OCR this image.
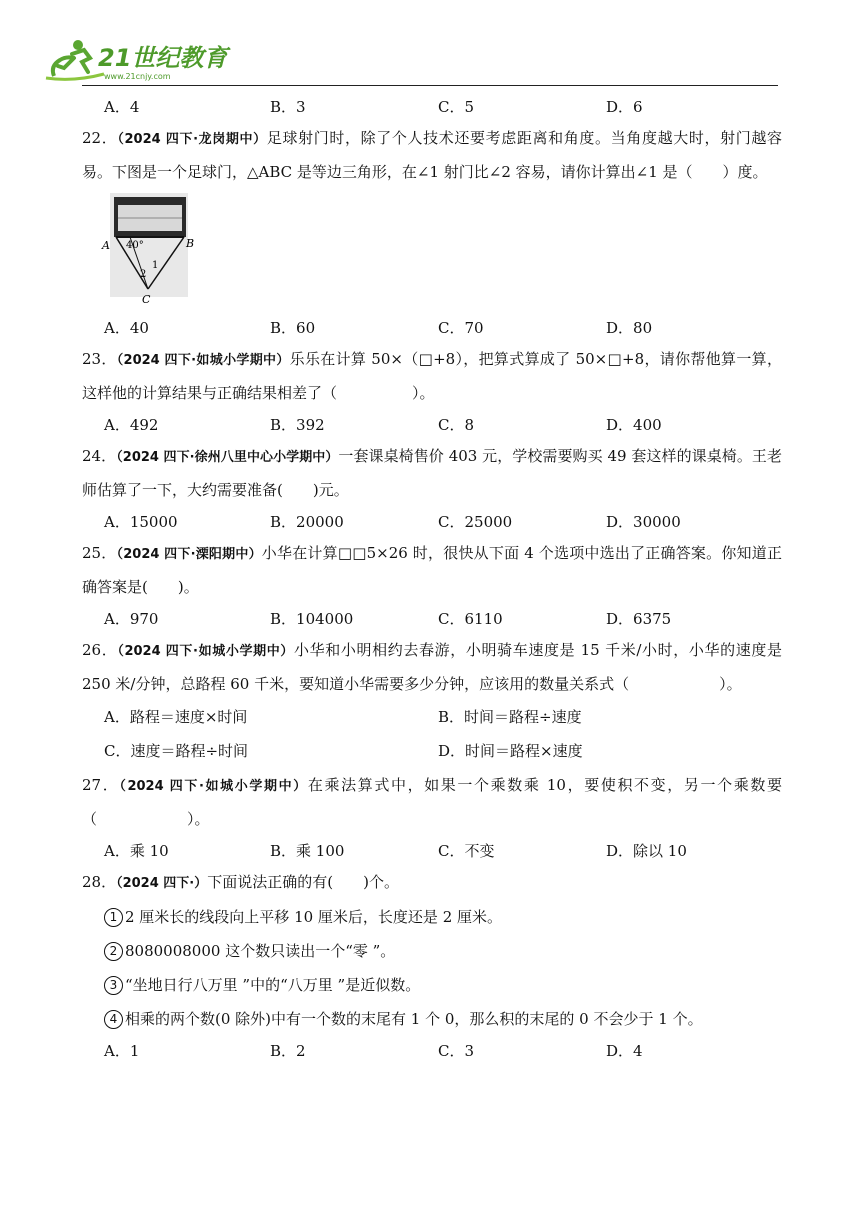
21世纪教育
www.21cnjy.com
A．4	B．3	C．5	D．6
22．（2024 四下·龙岗期中）足球射门时，除了个人技术还要考虑距离和角度。当角度越大时，射门越容易。下图是一个足球门，△ABC 是等边三角形，在∠1 射门比∠2 容易，请你计算出∠1 是（　　）度。
A	B
C
40°
1
2
A．40	B．60	C．70	D．80
23．（2024 四下·如城小学期中）乐乐在计算 50×（□+8），把算式算成了 50×□+8，请你帮他算一算，这样他的计算结果与正确结果相差了（　　　　　）。
A．492	B．392	C．8	D．400
24．（2024 四下·徐州八里中心小学期中）一套课桌椅售价 403 元，学校需要购买 49 套这样的课桌椅。王老师估算了一下，大约需要准备(　　)元。
A．15000	B．20000	C．25000	D．30000
25．（2024 四下·溧阳期中）小华在计算□□5×26 时，很快从下面 4 个选项中选出了正确答案。你知道正确答案是(　　)。
A．970	B．104000	C．6110	D．6375
26．（2024 四下·如城小学期中）小华和小明相约去春游，小明骑车速度是 15 千米/小时，小华的速度是 250 米/分钟，总路程 60 千米，要知道小华需要多少分钟，应该用的数量关系式（　　　　　　）。
A．路程＝速度×时间	B．时间＝路程÷速度
C．速度＝路程÷时间	D．时间＝路程×速度
27．（2024 四下·如城小学期中）在乘法算式中，如果一个乘数乘 10，要使积不变，另一个乘数要（　　　　　　）。
A．乘 10	B．乘 100	C．不变	D．除以 10
28．（2024 四下·）下面说法正确的有(　　)个。
1 2 厘米长的线段向上平移 10 厘米后，长度还是 2 厘米。
2 8080008000 这个数只读出一个“零 ”。
3 “坐地日行八万里 ”中的“八万里 ”是近似数。
4 相乘的两个数(0 除外)中有一个数的末尾有 1 个 0，那么积的末尾的 0 不会少于 1 个。
A．1	B．2	C．3	D．4
